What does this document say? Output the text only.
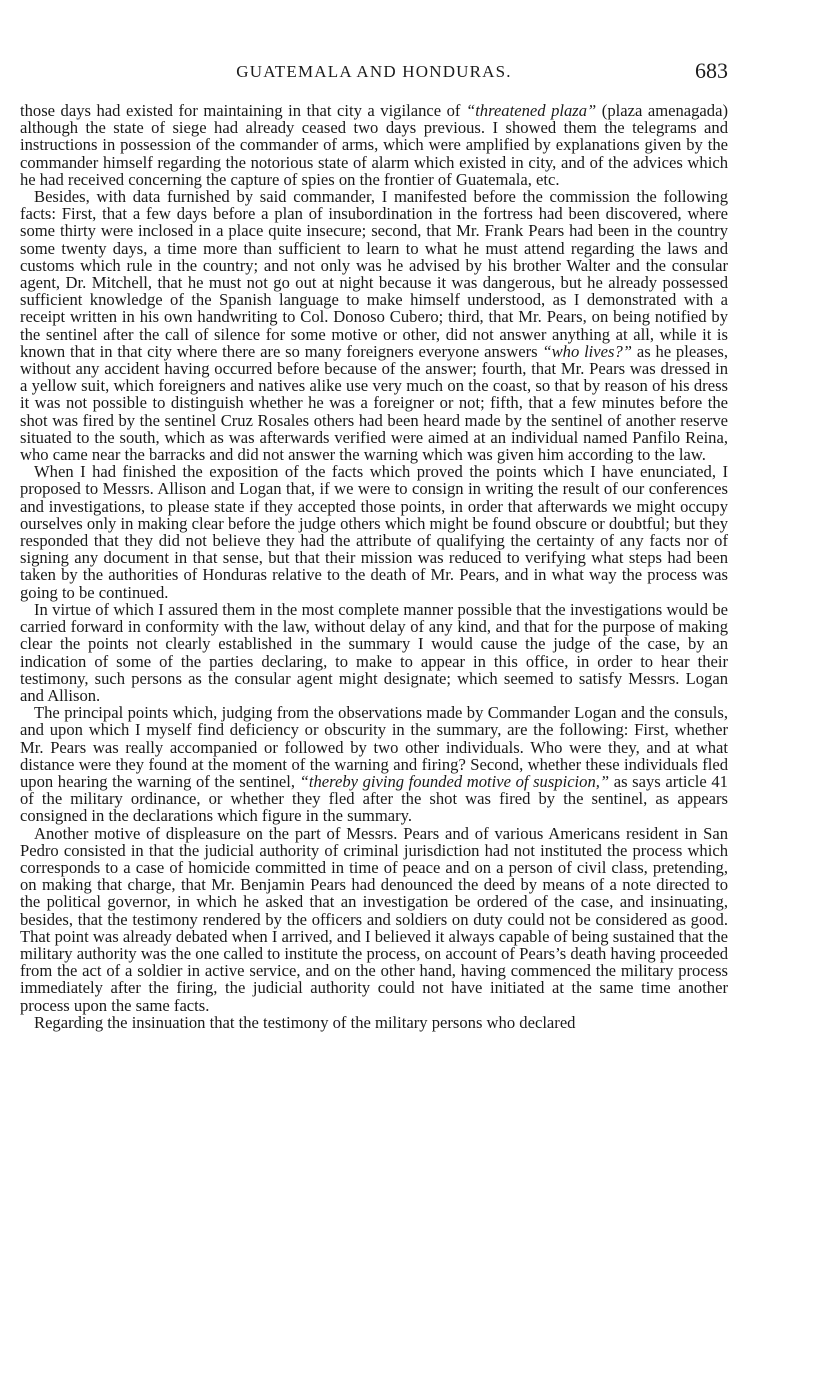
GUATEMALA AND HONDURAS.	683

those days had existed for maintaining in that city a vigilance of “threatened plaza” (plaza amenagada) although the state of siege had already ceased two days previous. I showed them the telegrams and instructions in possession of the commander of arms, which were amplified by explanations given by the commander himself regarding the notorious state of alarm which existed in city, and of the advices which he had received concerning the capture of spies on the frontier of Guatemala, etc.

Besides, with data furnished by said commander, I manifested before the commission the following facts: First, that a few days before a plan of insubordination in the fortress had been discovered, where some thirty were inclosed in a place quite insecure; second, that Mr. Frank Pears had been in the country some twenty days, a time more than sufficient to learn to what he must attend regarding the laws and customs which rule in the country; and not only was he advised by his brother Walter and the consular agent, Dr. Mitchell, that he must not go out at night because it was dangerous, but he already possessed sufficient knowledge of the Spanish language to make himself understood, as I demonstrated with a receipt written in his own handwriting to Col. Donoso Cubero; third, that Mr. Pears, on being notified by the sentinel after the call of silence for some motive or other, did not answer anything at all, while it is known that in that city where there are so many foreigners everyone answers “who lives?” as he pleases, without any accident having occurred before because of the answer; fourth, that Mr. Pears was dressed in a yellow suit, which foreigners and natives alike use very much on the coast, so that by reason of his dress it was not possible to distinguish whether he was a foreigner or not; fifth, that a few minutes before the shot was fired by the sentinel Cruz Rosales others had been heard made by the sentinel of another reserve situated to the south, which as was afterwards verified were aimed at an individual named Panfilo Reina, who came near the barracks and did not answer the warning which was given him according to the law.

When I had finished the exposition of the facts which proved the points which I have enunciated, I proposed to Messrs. Allison and Logan that, if we were to consign in writing the result of our conferences and investigations, to please state if they accepted those points, in order that afterwards we might occupy ourselves only in making clear before the judge others which might be found obscure or doubtful; but they responded that they did not believe they had the attribute of qualifying the certainty of any facts nor of signing any document in that sense, but that their mission was reduced to verifying what steps had been taken by the authorities of Honduras relative to the death of Mr. Pears, and in what way the process was going to be continued.

In virtue of which I assured them in the most complete manner possible that the investigations would be carried forward in conformity with the law, without delay of any kind, and that for the purpose of making clear the points not clearly established in the summary I would cause the judge of the case, by an indication of some of the parties declaring, to make to appear in this office, in order to hear their testimony, such persons as the consular agent might designate; which seemed to satisfy Messrs. Logan and Allison.

The principal points which, judging from the observations made by Commander Logan and the consuls, and upon which I myself find deficiency or obscurity in the summary, are the following: First, whether Mr. Pears was really accompanied or followed by two other individuals. Who were they, and at what distance were they found at the moment of the warning and firing? Second, whether these individuals fled upon hearing the warning of the sentinel, “thereby giving founded motive of suspicion,” as says article 41 of the military ordinance, or whether they fled after the shot was fired by the sentinel, as appears consigned in the declarations which figure in the summary.

Another motive of displeasure on the part of Messrs. Pears and of various Americans resident in San Pedro consisted in that the judicial authority of criminal jurisdiction had not instituted the process which corresponds to a case of homicide committed in time of peace and on a person of civil class, pretending, on making that charge, that Mr. Benjamin Pears had denounced the deed by means of a note directed to the political governor, in which he asked that an investigation be ordered of the case, and insinuating, besides, that the testimony rendered by the officers and soldiers on duty could not be considered as good. That point was already debated when I arrived, and I believed it always capable of being sustained that the military authority was the one called to institute the process, on account of Pears’s death having proceeded from the act of a soldier in active service, and on the other hand, having commenced the military process immediately after the firing, the judicial authority could not have initiated at the same time another process upon the same facts.

Regarding the insinuation that the testimony of the military persons who declared
